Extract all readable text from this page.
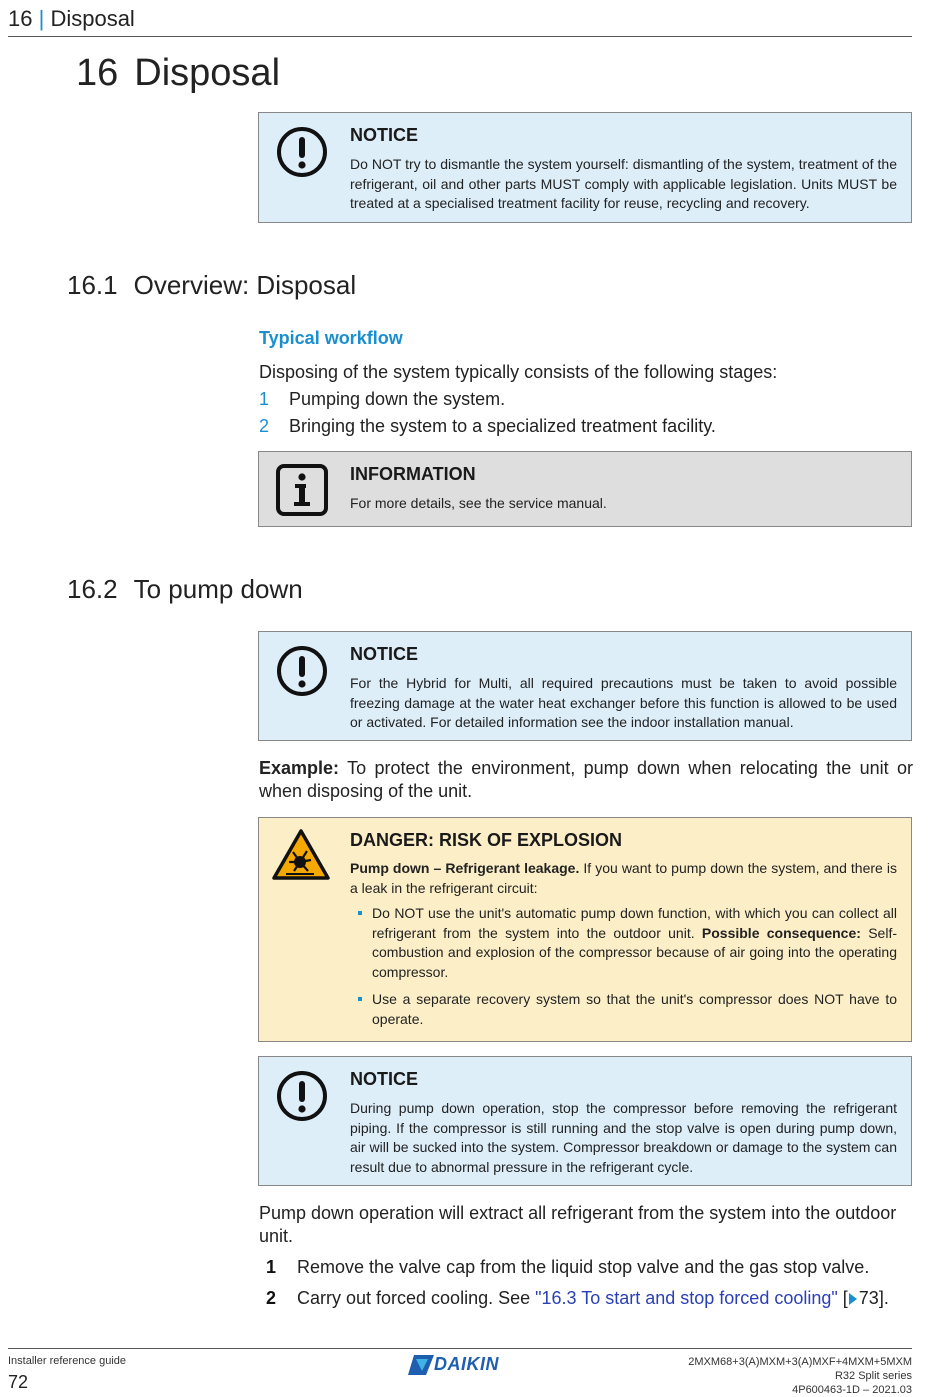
16 | Disposal
16 Disposal
NOTICE
Do NOT try to dismantle the system yourself: dismantling of the system, treatment of the refrigerant, oil and other parts MUST comply with applicable legislation. Units MUST be treated at a specialised treatment facility for reuse, recycling and recovery.
16.1 Overview: Disposal
Typical workflow
Disposing of the system typically consists of the following stages:
1 Pumping down the system.
2 Bringing the system to a specialized treatment facility.
INFORMATION
For more details, see the service manual.
16.2 To pump down
NOTICE
For the Hybrid for Multi, all required precautions must be taken to avoid possible freezing damage at the water heat exchanger before this function is allowed to be used or activated. For detailed information see the indoor installation manual.
Example: To protect the environment, pump down when relocating the unit or when disposing of the unit.
DANGER: RISK OF EXPLOSION
Pump down – Refrigerant leakage. If you want to pump down the system, and there is a leak in the refrigerant circuit:
Do NOT use the unit's automatic pump down function, with which you can collect all refrigerant from the system into the outdoor unit. Possible consequence: Self-combustion and explosion of the compressor because of air going into the operating compressor.
Use a separate recovery system so that the unit's compressor does NOT have to operate.
NOTICE
During pump down operation, stop the compressor before removing the refrigerant piping. If the compressor is still running and the stop valve is open during pump down, air will be sucked into the system. Compressor breakdown or damage to the system can result due to abnormal pressure in the refrigerant cycle.
Pump down operation will extract all refrigerant from the system into the outdoor unit.
1 Remove the valve cap from the liquid stop valve and the gas stop valve.
2 Carry out forced cooling. See "16.3 To start and stop forced cooling" [ 73].
Installer reference guide
72
DAIKIN	2MXM68+3(A)MXM+3(A)MXF+4MXM+5MXM
R32 Split series
4P600463-1D – 2021.03
